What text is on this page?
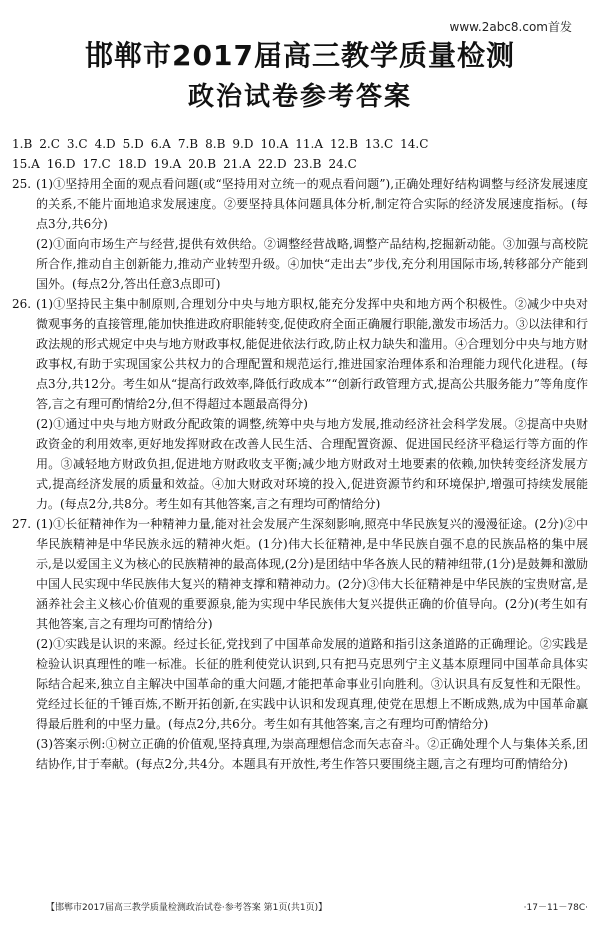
www.2abc8.com首发
邯郸市2017届高三教学质量检测
政治试卷参考答案
1.B 2.C 3.C 4.D 5.D 6.A 7.B 8.B 9.D 10.A 11.A 12.B 13.C 14.C
15.A 16.D 17.C 18.D 19.A 20.B 21.A 22.D 23.B 24.C
25. (1)①坚持用全面的观点看问题(或“坚持用对立统一的观点看问题”),正确处理好结构调整与经济发展速度的关系,不能片面地追求发展速度。②要坚持具体问题具体分析,制定符合实际的经济发展速度指标。(每点3分,共6分)

(2)①面向市场生产与经营,提供有效供给。②调整经营战略,调整产品结构,挖掘新动能。③加强与高校院所合作,推动自主创新能力,推动产业转型升级。④加快“走出去”步伐,充分利用国际市场,转移部分产能到国外。(每点2分,答出任意3点即可)

26. (1)①坚持民主集中制原则,合理划分中央与地方职权,能充分发挥中央和地方两个积极性。②减少中央对微观事务的直接管理,能加快推进政府职能转变,促使政府全面正确履行职能,激发市场活力。③以法律和行政法规的形式规定中央与地方财政事权,能促进依法行政,防止权力缺失和滥用。④合理划分中央与地方财政事权,有助于实现国家公共权力的合理配置和规范运行,推进国家治理体系和治理能力现代化进程。(每点3分,共12分。考生如从“提高行政效率,降低行政成本”“创新行政管理方式,提高公共服务能力”等角度作答,言之有理可酌情给2分,但不得超过本题最高得分)

(2)①通过中央与地方财政分配政策的调整,统筹中央与地方发展,推动经济社会科学发展。②提高中央财政资金的利用效率,更好地发挥财政在改善人民生活、合理配置资源、促进国民经济平稳运行等方面的作用。③减轻地方财政负担,促进地方财政收支平衡;减少地方财政对土地要素的依赖,加快转变经济发展方式,提高经济发展的质量和效益。④加大财政对环境的投入,促进资源节约和环境保护,增强可持续发展能力。(每点2分,共8分。考生如有其他答案,言之有理均可酌情给分)

27. (1)①长征精神作为一种精神力量,能对社会发展产生深刻影响,照亮中华民族复兴的漫漫征途。(2分)②中华民族精神是中华民族永远的精神火炬。(1分)伟大长征精神,是中华民族自强不息的民族品格的集中展示,是以爱国主义为核心的民族精神的最高体现,(2分)是团结中华各族人民的精神纽带,(1分)是鼓舞和激励中国人民实现中华民族伟大复兴的精神支撑和精神动力。(2分)③伟大长征精神是中华民族的宝贵财富,是涵养社会主义核心价值观的重要源泉,能为实现中华民族伟大复兴提供正确的价值导向。(2分)(考生如有其他答案,言之有理均可酌情给分)

(2)①实践是认识的来源。经过长征,党找到了中国革命发展的道路和指引这条道路的正确理论。②实践是检验认识真理性的唯一标准。长征的胜利使党认识到,只有把马克思列宁主义基本原理同中国革命具体实际结合起来,独立自主解决中国革命的重大问题,才能把革命事业引向胜利。③认识具有反复性和无限性。党经过长征的千锤百炼,不断开拓创新,在实践中认识和发现真理,使党在思想上不断成熟,成为中国革命赢得最后胜利的中坚力量。(每点2分,共6分。考生如有其他答案,言之有理均可酌情给分)

(3)答案示例:①树立正确的价值观,坚持真理,为崇高理想信念而矢志奋斗。②正确处理个人与集体关系,团结协作,甘于奉献。(每点2分,共4分。本题具有开放性,考生作答只要围绕主题,言之有理均可酌情给分)

【邯郸市2017届高三教学质量检测政治试卷·参考答案 第1页(共1页)】	·17－11－78C·
